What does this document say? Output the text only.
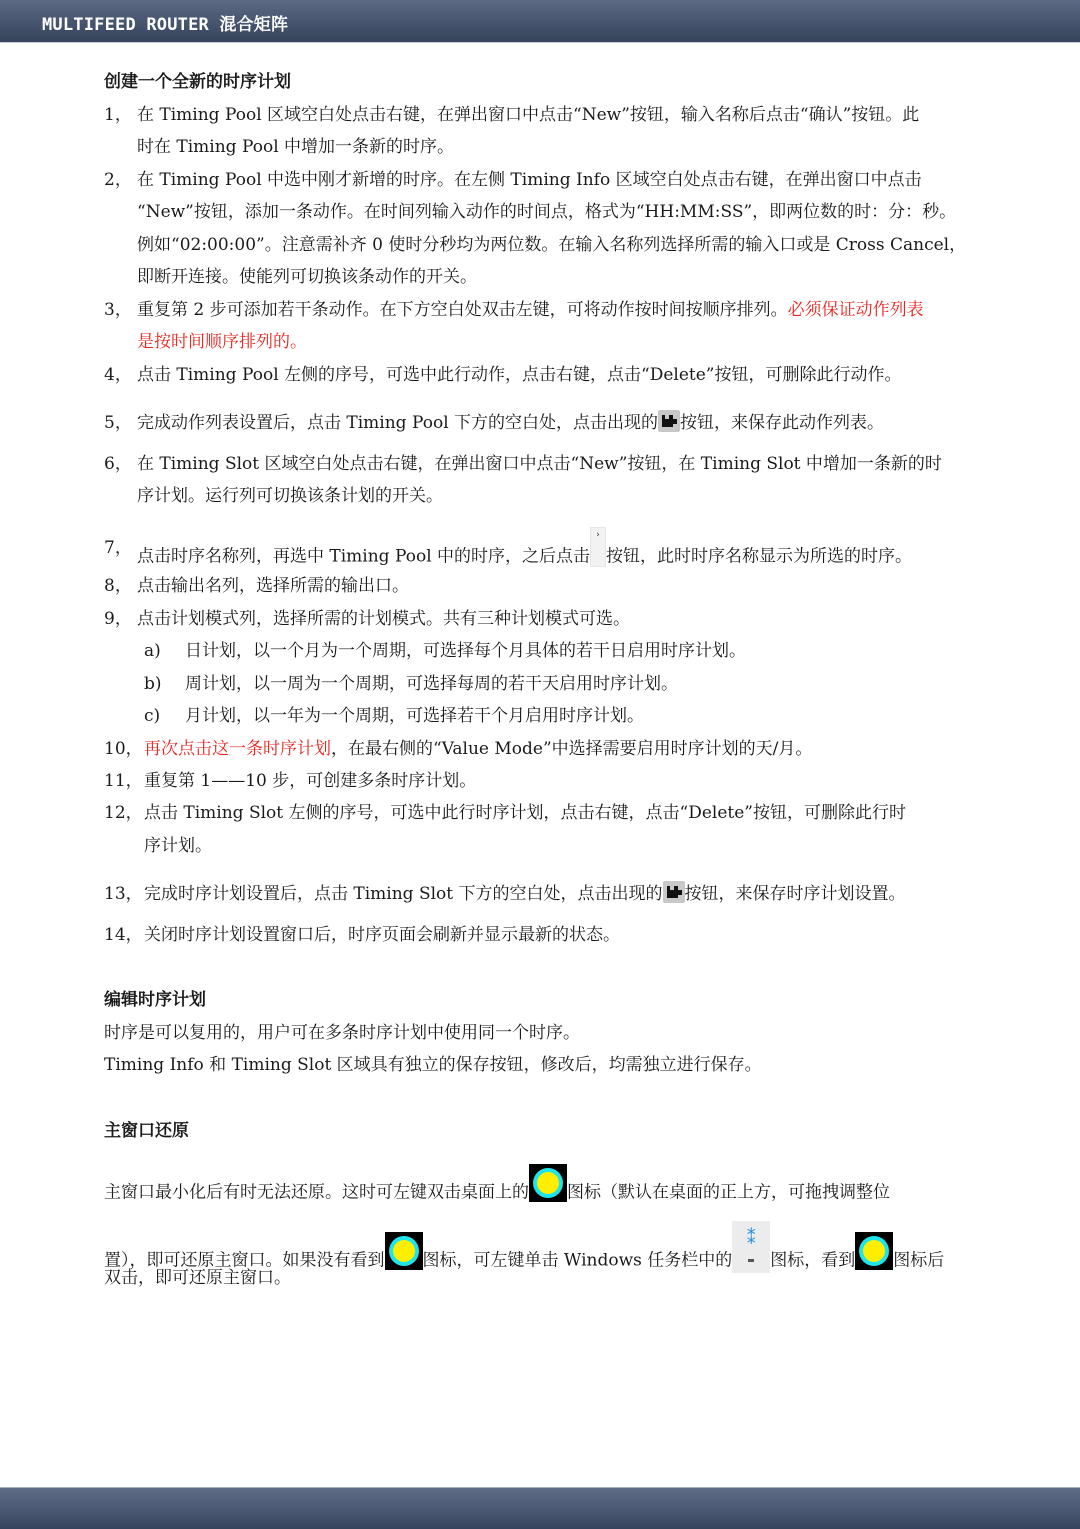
MULTIFEED ROUTER 混合矩阵
创建一个全新的时序计划
1， 在 Timing Pool 区域空白处点击右键，在弹出窗口中点击“New”按钮，输入名称后点击“确认”按钮。此
时在 Timing Pool 中增加一条新的时序。
2， 在 Timing Pool 中选中刚才新增的时序。在左侧 Timing Info 区域空白处点击右键，在弹出窗口中点击
“New”按钮，添加一条动作。在时间列输入动作的时间点，格式为“HH:MM:SS”，即两位数的时：分：秒。
例如“02:00:00”。注意需补齐 0 使时分秒均为两位数。在输入名称列选择所需的输入口或是 Cross Cancel，
即断开连接。使能列可切换该条动作的开关。
3， 重复第 2 步可添加若干条动作。在下方空白处双击左键，可将动作按时间按顺序排列。必须保证动作列表
是按时间顺序排列的。
4， 点击 Timing Pool 左侧的序号，可选中此行动作，点击右键，点击“Delete”按钮，可删除此行动作。
5， 完成动作列表设置后，点击 Timing Pool 下方的空白处，点击出现的 按钮，来保存此动作列表。
6， 在 Timing Slot 区域空白处点击右键，在弹出窗口中点击“New”按钮，在 Timing Slot 中增加一条新的时
序计划。运行列可切换该条计划的开关。
7， 点击时序名称列，再选中 Timing Pool 中的时序，之后点击›按钮，此时时序名称显示为所选的时序。
8， 点击输出名列，选择所需的输出口。
9， 点击计划模式列，选择所需的计划模式。共有三种计划模式可选。
a) 日计划，以一个月为一个周期，可选择每个月具体的若干日启用时序计划。
b) 周计划，以一周为一个周期，可选择每周的若干天启用时序计划。
c) 月计划，以一年为一个周期，可选择若干个月启用时序计划。
10， 再次点击这一条时序计划，在最右侧的“Value Mode”中选择需要启用时序计划的天/月。
11， 重复第 1——10 步，可创建多条时序计划。
12， 点击 Timing Slot 左侧的序号，可选中此行时序计划，点击右键，点击“Delete”按钮，可删除此行时
序计划。
13， 完成时序计划设置后，点击 Timing Slot 下方的空白处，点击出现的 按钮，来保存时序计划设置。
14， 关闭时序计划设置窗口后，时序页面会刷新并显示最新的状态。
编辑时序计划
时序是可以复用的，用户可在多条时序计划中使用同一个时序。
Timing Info 和 Timing Slot 区域具有独立的保存按钮，修改后，均需独立进行保存。
主窗口还原
主窗口最小化后有时无法还原。这时可左键双击桌面上的 图标（默认在桌面的正上方，可拖拽调整位
置），即可还原主窗口。如果没有看到 图标，可左键单击 Windows 任务栏中的
⁑
图标，看到 图标后
双击，即可还原主窗口。
